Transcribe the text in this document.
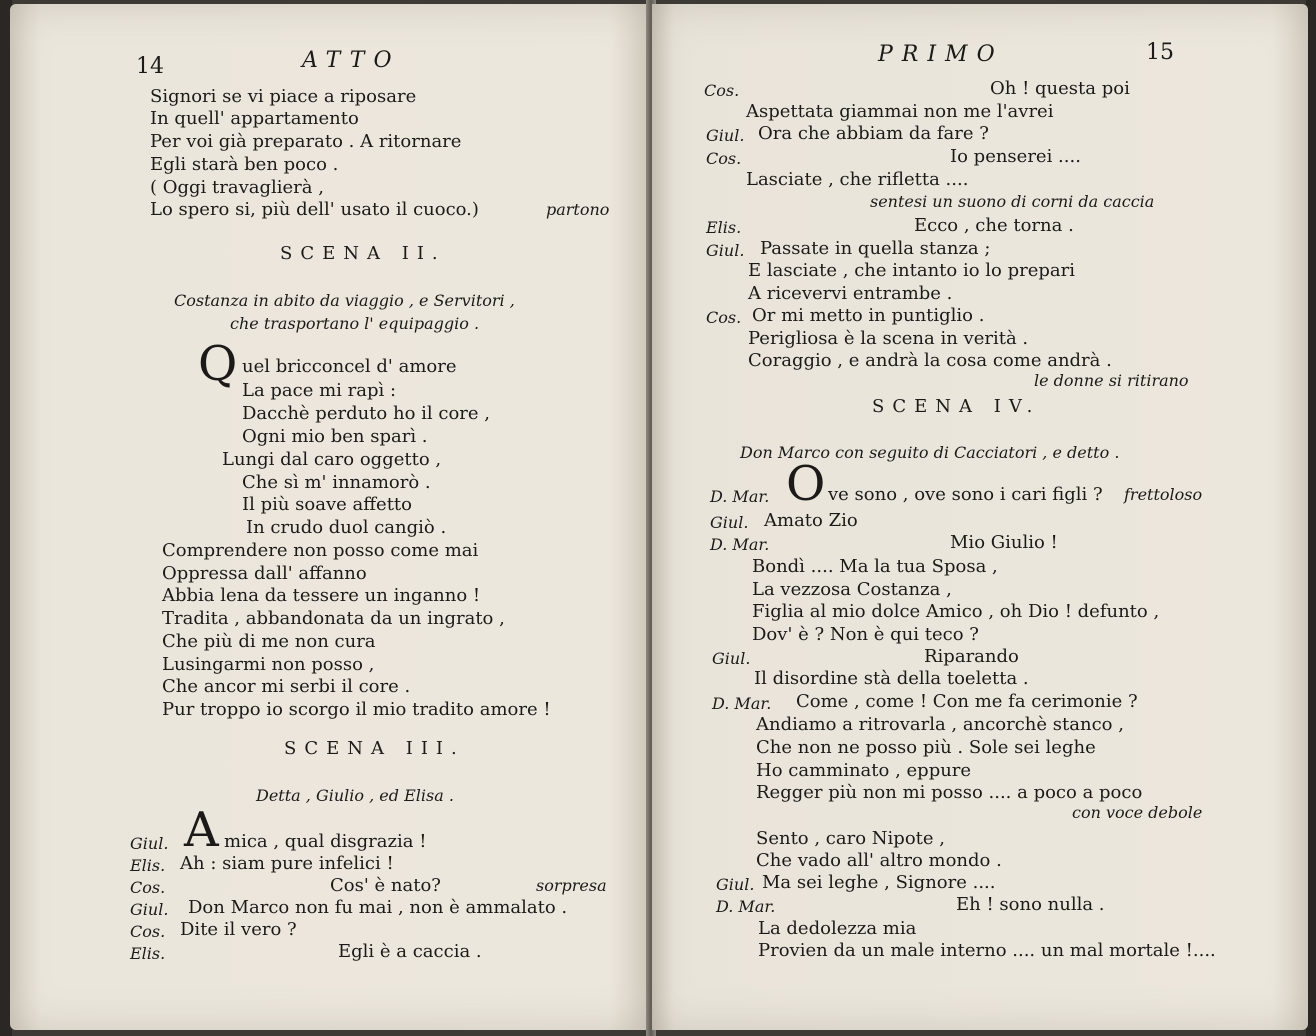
14	ATTO
Signori se vi piace a riposare
In quell' appartamento
Per voi già preparato . A ritornare
Egli starà ben poco .
( Oggi travaglierà ,
Lo spero si, più dell' usato il cuoco.)	partono
SCENA II.
Costanza in abito da viaggio , e Servitori ,
che trasportano l' equipaggio .
Q uel bricconcel d' amore
La pace mi rapì :
Dacchè perduto ho il core ,
Ogni mio ben sparì .
Lungi dal caro oggetto ,
Che sì m' innamorò .
Il più soave affetto
In crudo duol cangiò .
Comprendere non posso come mai
Oppressa dall' affanno
Abbia lena da tessere un inganno !
Tradita , abbandonata da un ingrato ,
Che più di me non cura
Lusingarmi non posso ,
Che ancor mi serbi il core .
Pur troppo io scorgo il mio tradito amore !
SCENA III.
Detta , Giulio , ed Elisa .
Giul. A mica , qual disgrazia !
Elis. Ah : siam pure infelici !
Cos.	Cos' è nato?	sorpresa
Giul. Don Marco non fu mai , non è ammalato .
Cos. Dite il vero ?
Elis.	Egli è a caccia .
PRIMO	15
Cos.	Oh ! questa poi
Aspettata giammai non me l'avrei
Giul. Ora che abbiam da fare ?
Cos.	Io penserei ....
Lasciate , che rifletta ....
sentesi un suono di corni da caccia
Elis.	Ecco , che torna .
Giul. Passate in quella stanza ;
E lasciate , che intanto io lo prepari
A ricevervi entrambe .
Cos. Or mi metto in puntiglio .
Perigliosa è la scena in verità .
Coraggio , e andrà la cosa come andrà .
le donne si ritirano
SCENA IV.
Don Marco con seguito di Cacciatori , e detto .
D. Mar. O ve sono , ove sono i cari figli ? frettoloso
Giul. Amato Zio
D. Mar.	Mio Giulio !
Bondì .... Ma la tua Sposa ,
La vezzosa Costanza ,
Figlia al mio dolce Amico , oh Dio ! defunto ,
Dov' è ? Non è qui teco ?
Giul.	Riparando
Il disordine stà della toeletta .
D. Mar. Come , come ! Con me fa cerimonie ?
Andiamo a ritrovarla , ancorchè stanco ,
Che non ne posso più . Sole sei leghe
Ho camminato , eppure
Regger più non mi posso .... a poco a poco
con voce debole
Sento , caro Nipote ,
Che vado all' altro mondo .
Giul. Ma sei leghe , Signore ....
D. Mar.	Eh ! sono nulla .
La dedolezza mia
Provien da un male interno .... un mal mortale !....
